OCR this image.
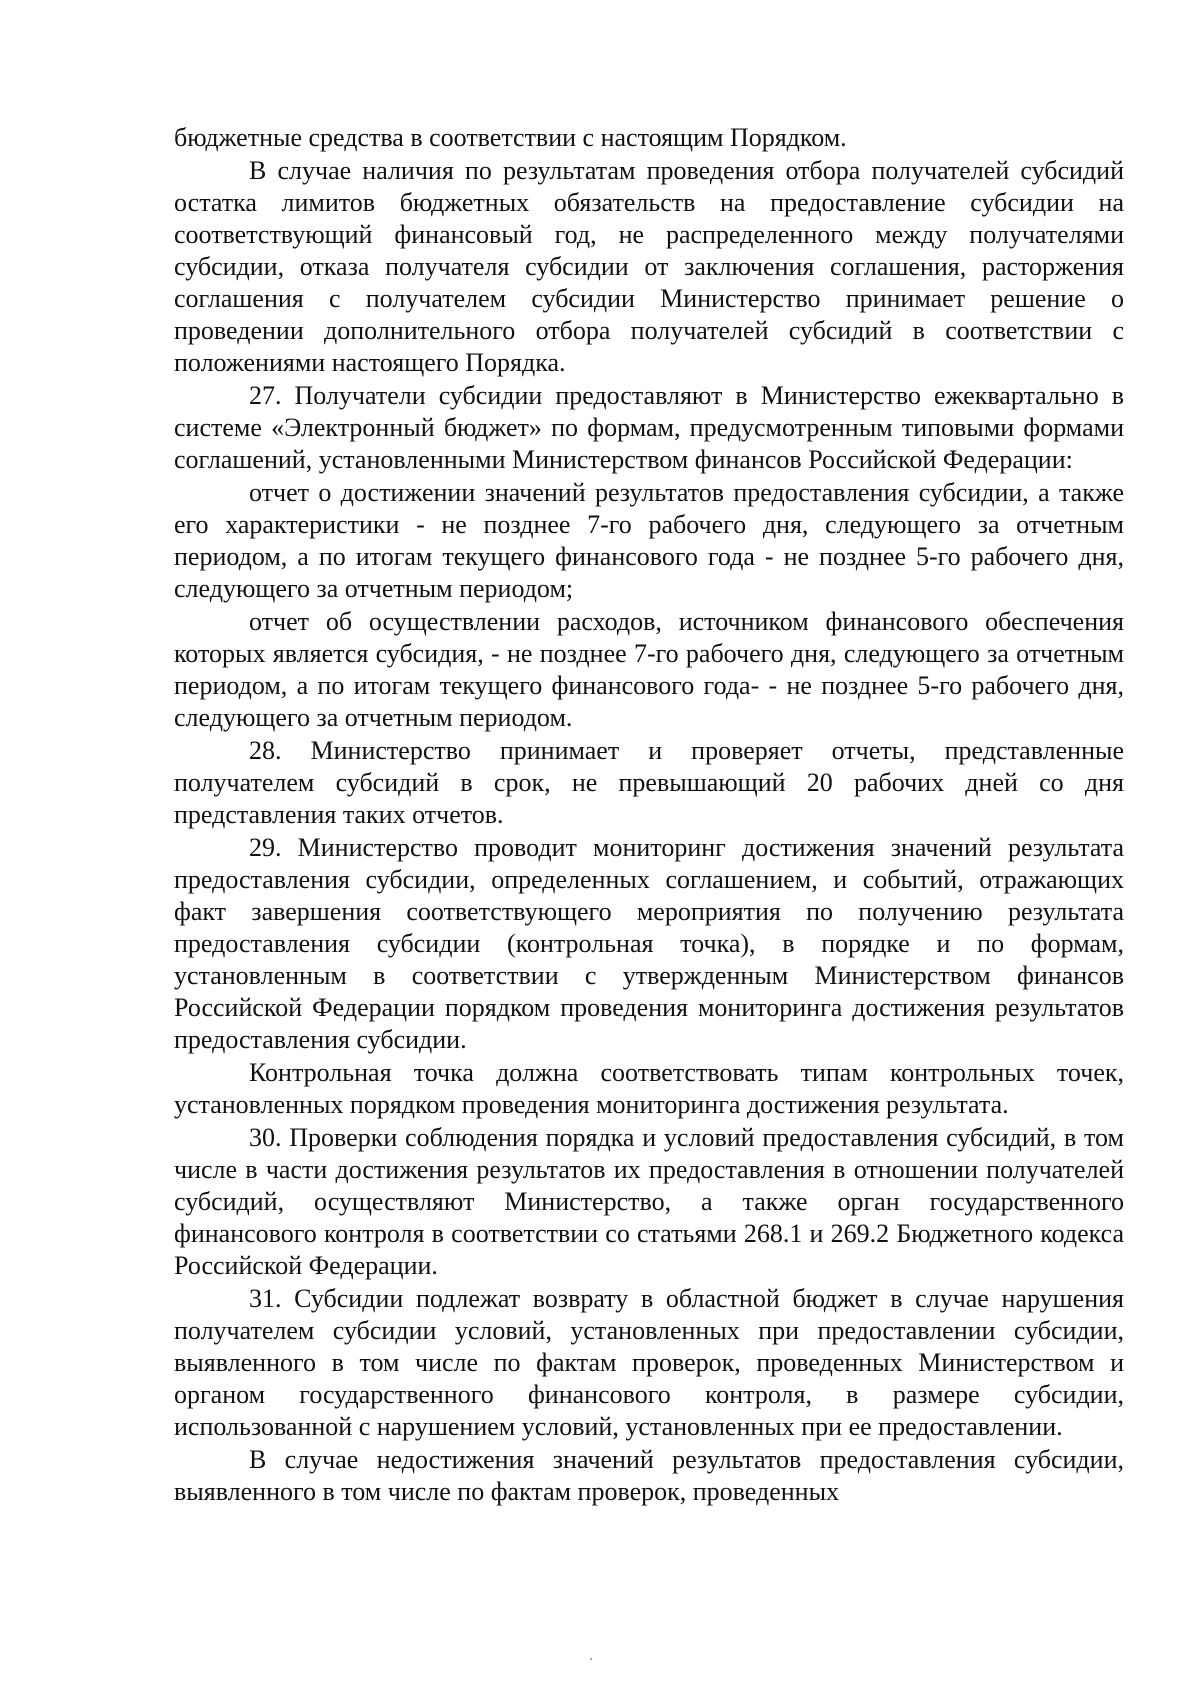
бюджетные средства в соответствии с настоящим Порядком.

В случае наличия по результатам проведения отбора получателей субсидий остатка лимитов бюджетных обязательств на предоставление субсидии на соответствующий финансовый год, не распределенного между получателями субсидии, отказа получателя субсидии от заключения соглашения, расторжения соглашения с получателем субсидии Министерство принимает решение о проведении дополнительного отбора получателей субсидий в соответствии с положениями настоящего Порядка.

27. Получатели субсидии предоставляют в Министерство ежеквартально в системе «Электронный бюджет» по формам, предусмотренным типовыми формами соглашений, установленными Министерством финансов Российской Федерации:

отчет о достижении значений результатов предоставления субсидии, а также его характеристики - не позднее 7-го рабочего дня, следующего за отчетным периодом, а по итогам текущего финансового года - не позднее 5-го рабочего дня, следующего за отчетным периодом;

отчет об осуществлении расходов, источником финансового обеспечения которых является субсидия, - не позднее 7-го рабочего дня, следующего за отчетным периодом, а по итогам текущего финансового года- - не позднее 5-го рабочего дня, следующего за отчетным периодом.

28. Министерство принимает и проверяет отчеты, представленные получателем субсидий в срок, не превышающий 20 рабочих дней со дня представления таких отчетов.

29. Министерство проводит мониторинг достижения значений результата предоставления субсидии, определенных соглашением, и событий, отражающих факт завершения соответствующего мероприятия по получению результата предоставления субсидии (контрольная точка), в порядке и по формам, установленным в соответствии с утвержденным Министерством финансов Российской Федерации порядком проведения мониторинга достижения результатов предоставления субсидии.

Контрольная точка должна соответствовать типам контрольных точек, установленных порядком проведения мониторинга достижения результата.

30. Проверки соблюдения порядка и условий предоставления субсидий, в том числе в части достижения результатов их предоставления в отношении получателей субсидий, осуществляют Министерство, а также орган государственного финансового контроля в соответствии со статьями 268.1 и 269.2 Бюджетного кодекса Российской Федерации.

31. Субсидии подлежат возврату в областной бюджет в случае нарушения получателем субсидии условий, установленных при предоставлении субсидии, выявленного в том числе по фактам проверок, проведенных Министерством и органом государственного финансового контроля, в размере субсидии, использованной с нарушением условий, установленных при ее предоставлении.

В случае недостижения значений результатов предоставления субсидии, выявленного в том числе по фактам проверок, проведенных
